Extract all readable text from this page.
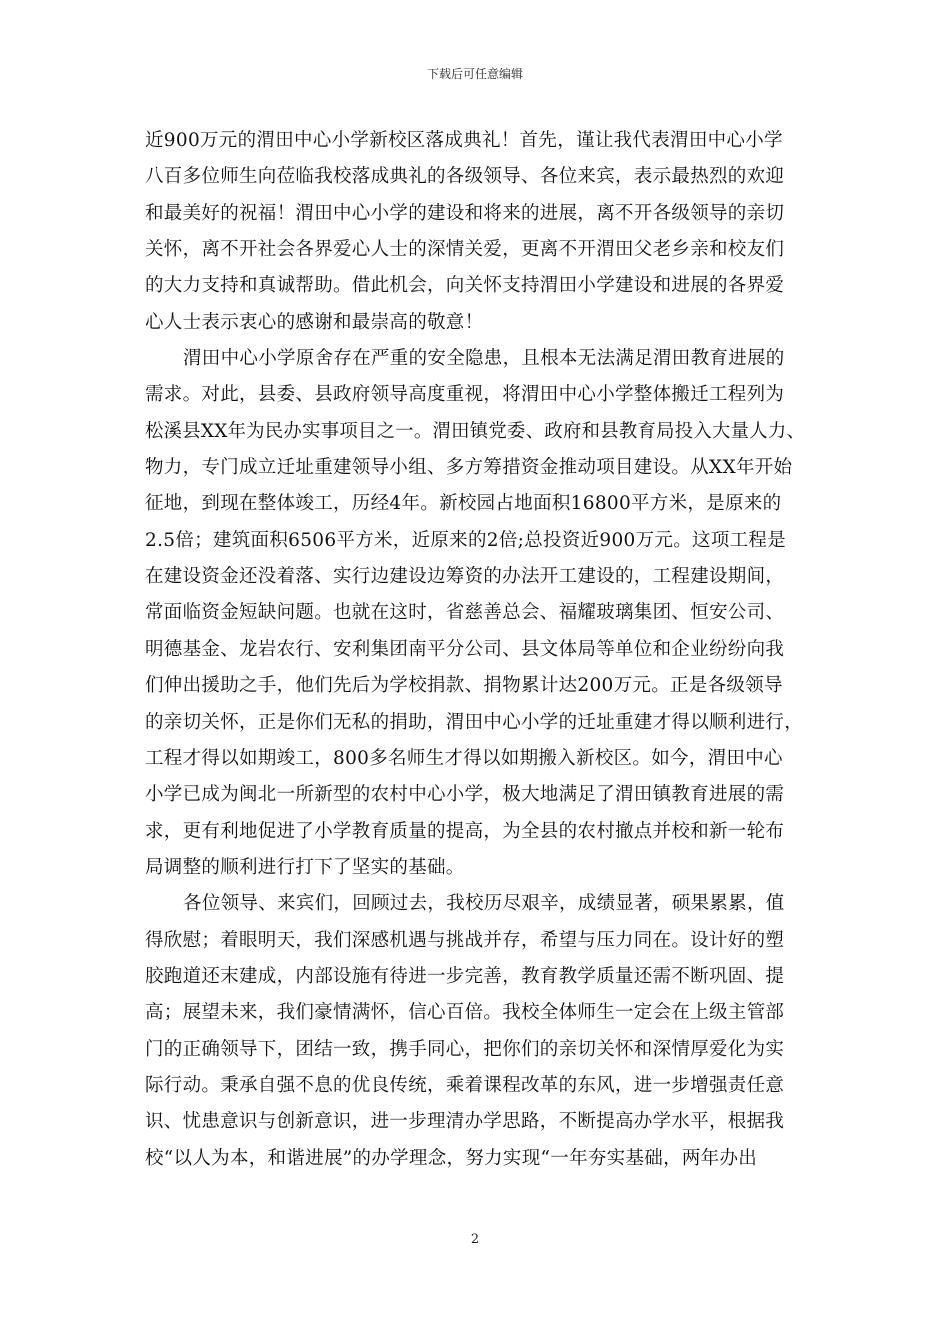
下载后可任意编辑
近900万元的渭田中心小学新校区落成典礼！首先，谨让我代表渭田中心小学
八百多位师生向莅临我校落成典礼的各级领导、各位来宾，表示最热烈的欢迎
和最美好的祝福！渭田中心小学的建设和将来的进展，离不开各级领导的亲切
关怀，离不开社会各界爱心人士的深情关爱，更离不开渭田父老乡亲和校友们
的大力支持和真诚帮助。借此机会，向关怀支持渭田小学建设和进展的各界爱
心人士表示衷心的感谢和最崇高的敬意！
渭田中心小学原舍存在严重的安全隐患，且根本无法满足渭田教育进展的
需求。对此，县委、县政府领导高度重视，将渭田中心小学整体搬迁工程列为
松溪县XX年为民办实事项目之一。渭田镇党委、政府和县教育局投入大量人力、
物力，专门成立迁址重建领导小组、多方筹措资金推动项目建设。从XX年开始
征地，到现在整体竣工，历经4年。新校园占地面积16800平方米，是原来的
2.5倍；建筑面积6506平方米，近原来的2倍;总投资近900万元。这项工程是
在建设资金还没着落、实行边建设边筹资的办法开工建设的，工程建设期间，
常面临资金短缺问题。也就在这时，省慈善总会、福耀玻璃集团、恒安公司、
明德基金、龙岩农行、安利集团南平分公司、县文体局等单位和企业纷纷向我
们伸出援助之手，他们先后为学校捐款、捐物累计达200万元。正是各级领导
的亲切关怀，正是你们无私的捐助，渭田中心小学的迁址重建才得以顺利进行，
工程才得以如期竣工，800多名师生才得以如期搬入新校区。如今，渭田中心
小学已成为闽北一所新型的农村中心小学，极大地满足了渭田镇教育进展的需
求，更有利地促进了小学教育质量的提高，为全县的农村撤点并校和新一轮布
局调整的顺利进行打下了坚实的基础。
各位领导、来宾们，回顾过去，我校历尽艰辛，成绩显著，硕果累累，值
得欣慰；着眼明天，我们深感机遇与挑战并存，希望与压力同在。设计好的塑
胶跑道还末建成，内部设施有待进一步完善，教育教学质量还需不断巩固、提
高；展望未来，我们豪情满怀，信心百倍。我校全体师生一定会在上级主管部
门的正确领导下，团结一致，携手同心，把你们的亲切关怀和深情厚爱化为实
际行动。秉承自强不息的优良传统，乘着课程改革的东风，进一步增强责任意
识、忧患意识与创新意识，进一步理清办学思路，不断提高办学水平，根据我
校“以人为本，和谐进展”的办学理念，努力实现“一年夯实基础，两年办出
2
